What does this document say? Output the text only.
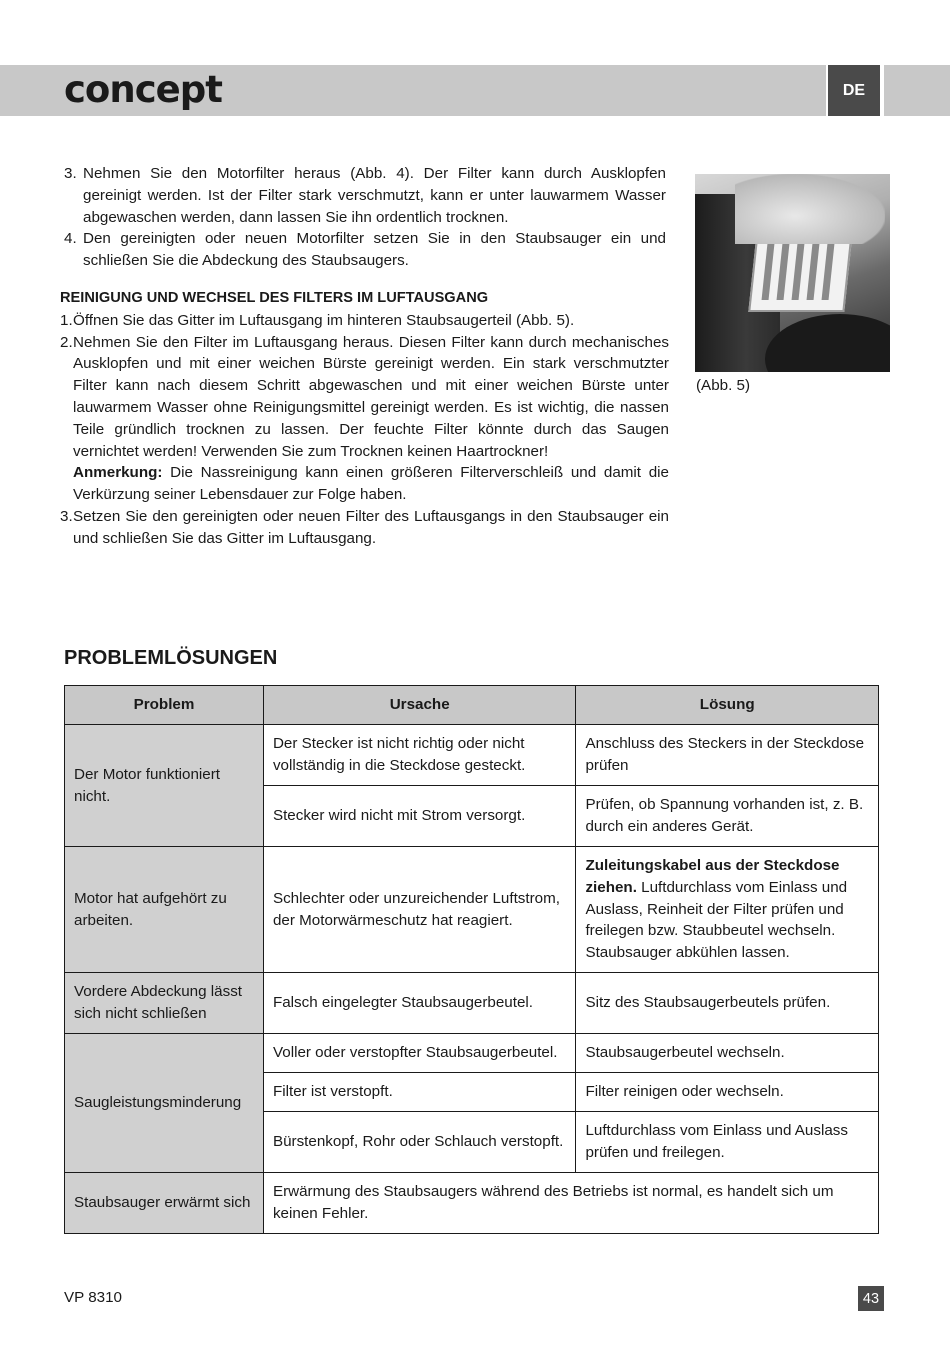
concept	DE
3. Nehmen Sie den Motorfilter heraus (Abb. 4). Der Filter kann durch Ausklopfen gereinigt werden. Ist der Filter stark verschmutzt, kann er unter lauwarmem Wasser abgewaschen werden, dann lassen Sie ihn ordentlich trocknen.
4. Den gereinigten oder neuen Motorfilter setzen Sie in den Staubsauger ein und schließen Sie die Abdeckung des Staubsaugers.

REINIGUNG UND WECHSEL DES FILTERS IM LUFTAUSGANG

1. Öffnen Sie das Gitter im Luftausgang im hinteren Staubsaugerteil (Abb. 5).
2. Nehmen Sie den Filter im Luftausgang heraus. Diesen Filter kann durch mechanisches Ausklopfen und mit einer weichen Bürste gereinigt werden. Ein stark verschmutzter Filter kann nach diesem Schritt abgewaschen und mit einer weichen Bürste unter lauwarmem Wasser ohne Reinigungsmittel gereinigt werden. Es ist wichtig, die nassen Teile gründlich trocknen zu lassen. Der feuchte Filter könnte durch das Saugen vernichtet werden! Verwenden Sie zum Trocknen keinen Haartrockner!
Anmerkung: Die Nassreinigung kann einen größeren Filterverschleiß und damit die Verkürzung seiner Lebensdauer zur Folge haben.
3. Setzen Sie den gereinigten oder neuen Filter des Luftausgangs in den Staubsauger ein und schließen Sie das Gitter im Luftausgang.
(Abb. 5)
PROBLEMLÖSUNGEN
Problem	Ursache	Lösung
Der Motor funktioniert nicht.	Der Stecker ist nicht richtig oder nicht vollständig in die Steckdose gesteckt.	Anschluss des Steckers in der Steckdose prüfen
	Stecker wird nicht mit Strom versorgt.	Prüfen, ob Spannung vorhanden ist, z. B. durch ein anderes Gerät.
Motor hat aufgehört zu arbeiten.	Schlechter oder unzureichender Luftstrom, der Motorwärmeschutz hat reagiert.	Zuleitungskabel aus der Steckdose ziehen. Luftdurchlass vom Einlass und Auslass, Reinheit der Filter prüfen und freilegen bzw. Staubbeutel wechseln. Staubsauger abkühlen lassen.
Vordere Abdeckung lässt sich nicht schließen	Falsch eingelegter Staubsaugerbeutel.	Sitz des Staubsaugerbeutels prüfen.
Saugleistungsminderung	Voller oder verstopfter Staubsaugerbeutel.	Staubsaugerbeutel wechseln.
	Filter ist verstopft.	Filter reinigen oder wechseln.
	Bürstenkopf, Rohr oder Schlauch verstopft.	Luftdurchlass vom Einlass und Auslass prüfen und freilegen.
Staubsauger erwärmt sich	Erwärmung des Staubsaugers während des Betriebs ist normal, es handelt sich um keinen Fehler.	
VP 8310	43
